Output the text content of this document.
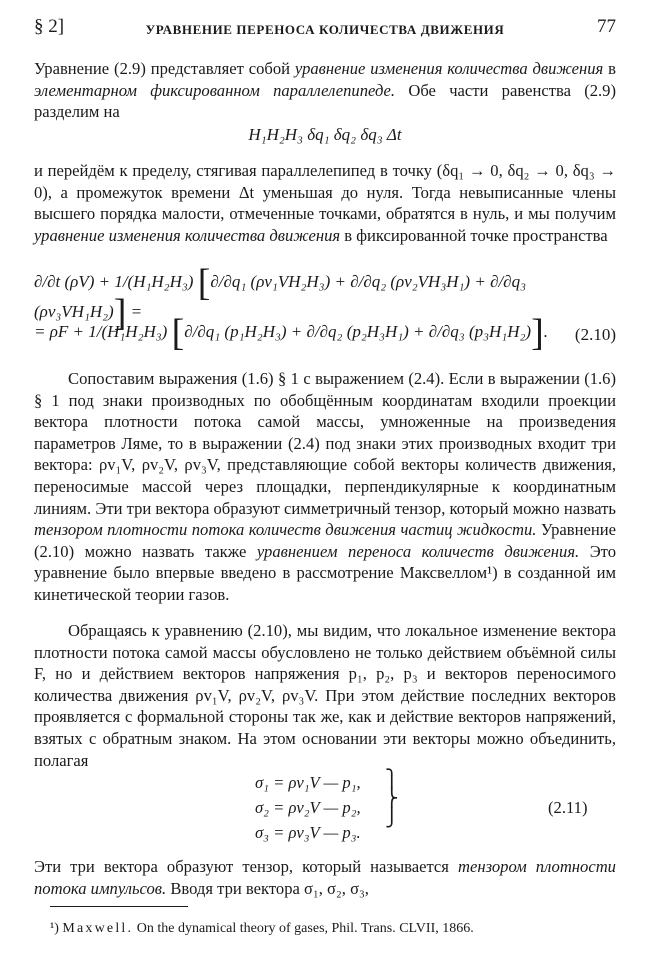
§ 2]	УРАВНЕНИЕ ПЕРЕНОСА КОЛИЧЕСТВА ДВИЖЕНИЯ	77

Уравнение (2.9) представляет собой уравнение изменения количества движения в элементарном фиксированном параллелепипеде. Обе части равенства (2.9) разделим на

H₁H₂H₃ δq₁ δq₂ δq₃ Δt

и перейдём к пределу, стягивая параллелепипед в точку (δq₁ → 0, δq₂ → 0, δq₃ → 0), а промежуток времени Δt уменьшая до нуля. Тогда невыписанные члены высшего порядка малости, отмеченные точками, обратятся в нуль, и мы получим уравнение изменения количества движения в фиксированной точке пространства

∂/∂t (ρV) + 1/(H₁H₂H₃) [∂/∂q₁ (ρv₁VH₂H₃) + ∂/∂q₂ (ρv₂VH₃H₁) + ∂/∂q₃ (ρv₃VH₁H₂)] =
= ρF + 1/(H₁H₂H₃) [∂/∂q₁ (p₁H₂H₃) + ∂/∂q₂ (p₂H₃H₁) + ∂/∂q₃ (p₃H₁H₂)]. (2.10)

Сопоставим выражения (1.6) § 1 с выражением (2.4). Если в выражении (1.6) § 1 под знаки производных по обобщённым координатам входили проекции вектора плотности потока самой массы, умноженные на произведения параметров Ляме, то в выражении (2.4) под знаки этих производных входит три вектора: ρv₁V, ρv₂V, ρv₃V, представляющие собой векторы количеств движения, переносимые массой через площадки, перпендикулярные к координатным линиям. Эти три вектора образуют симметричный тензор, который можно назвать тензором плотности потока количеств движения частиц жидкости. Уравнение (2.10) можно назвать также уравнением переноса количеств движения. Это уравнение было впервые введено в рассмотрение Максвеллом¹) в созданной им кинетической теории газов.

Обращаясь к уравнению (2.10), мы видим, что локальное изменение вектора плотности потока самой массы обусловлено не только действием объёмной силы F, но и действием векторов напряжения p₁, p₂, p₃ и векторов переносимого количества движения ρv₁V, ρv₂V, ρv₃V. При этом действие последних векторов проявляется с формальной стороны так же, как и действие векторов напряжений, взятых с обратным знаком. На этом основании эти векторы можно объединить, полагая

σ₁ = ρv₁V — p₁,
σ₂ = ρv₂V — p₂,
σ₃ = ρv₃V — p₃.
⎫
⎬
⎭	(2.11)

Эти три вектора образуют тензор, который называется тензором плотности потока импульсов. Вводя три вектора σ₁, σ₂, σ₃,

¹) Maxwell. On the dynamical theory of gases, Phil. Trans. CLVII, 1866.
